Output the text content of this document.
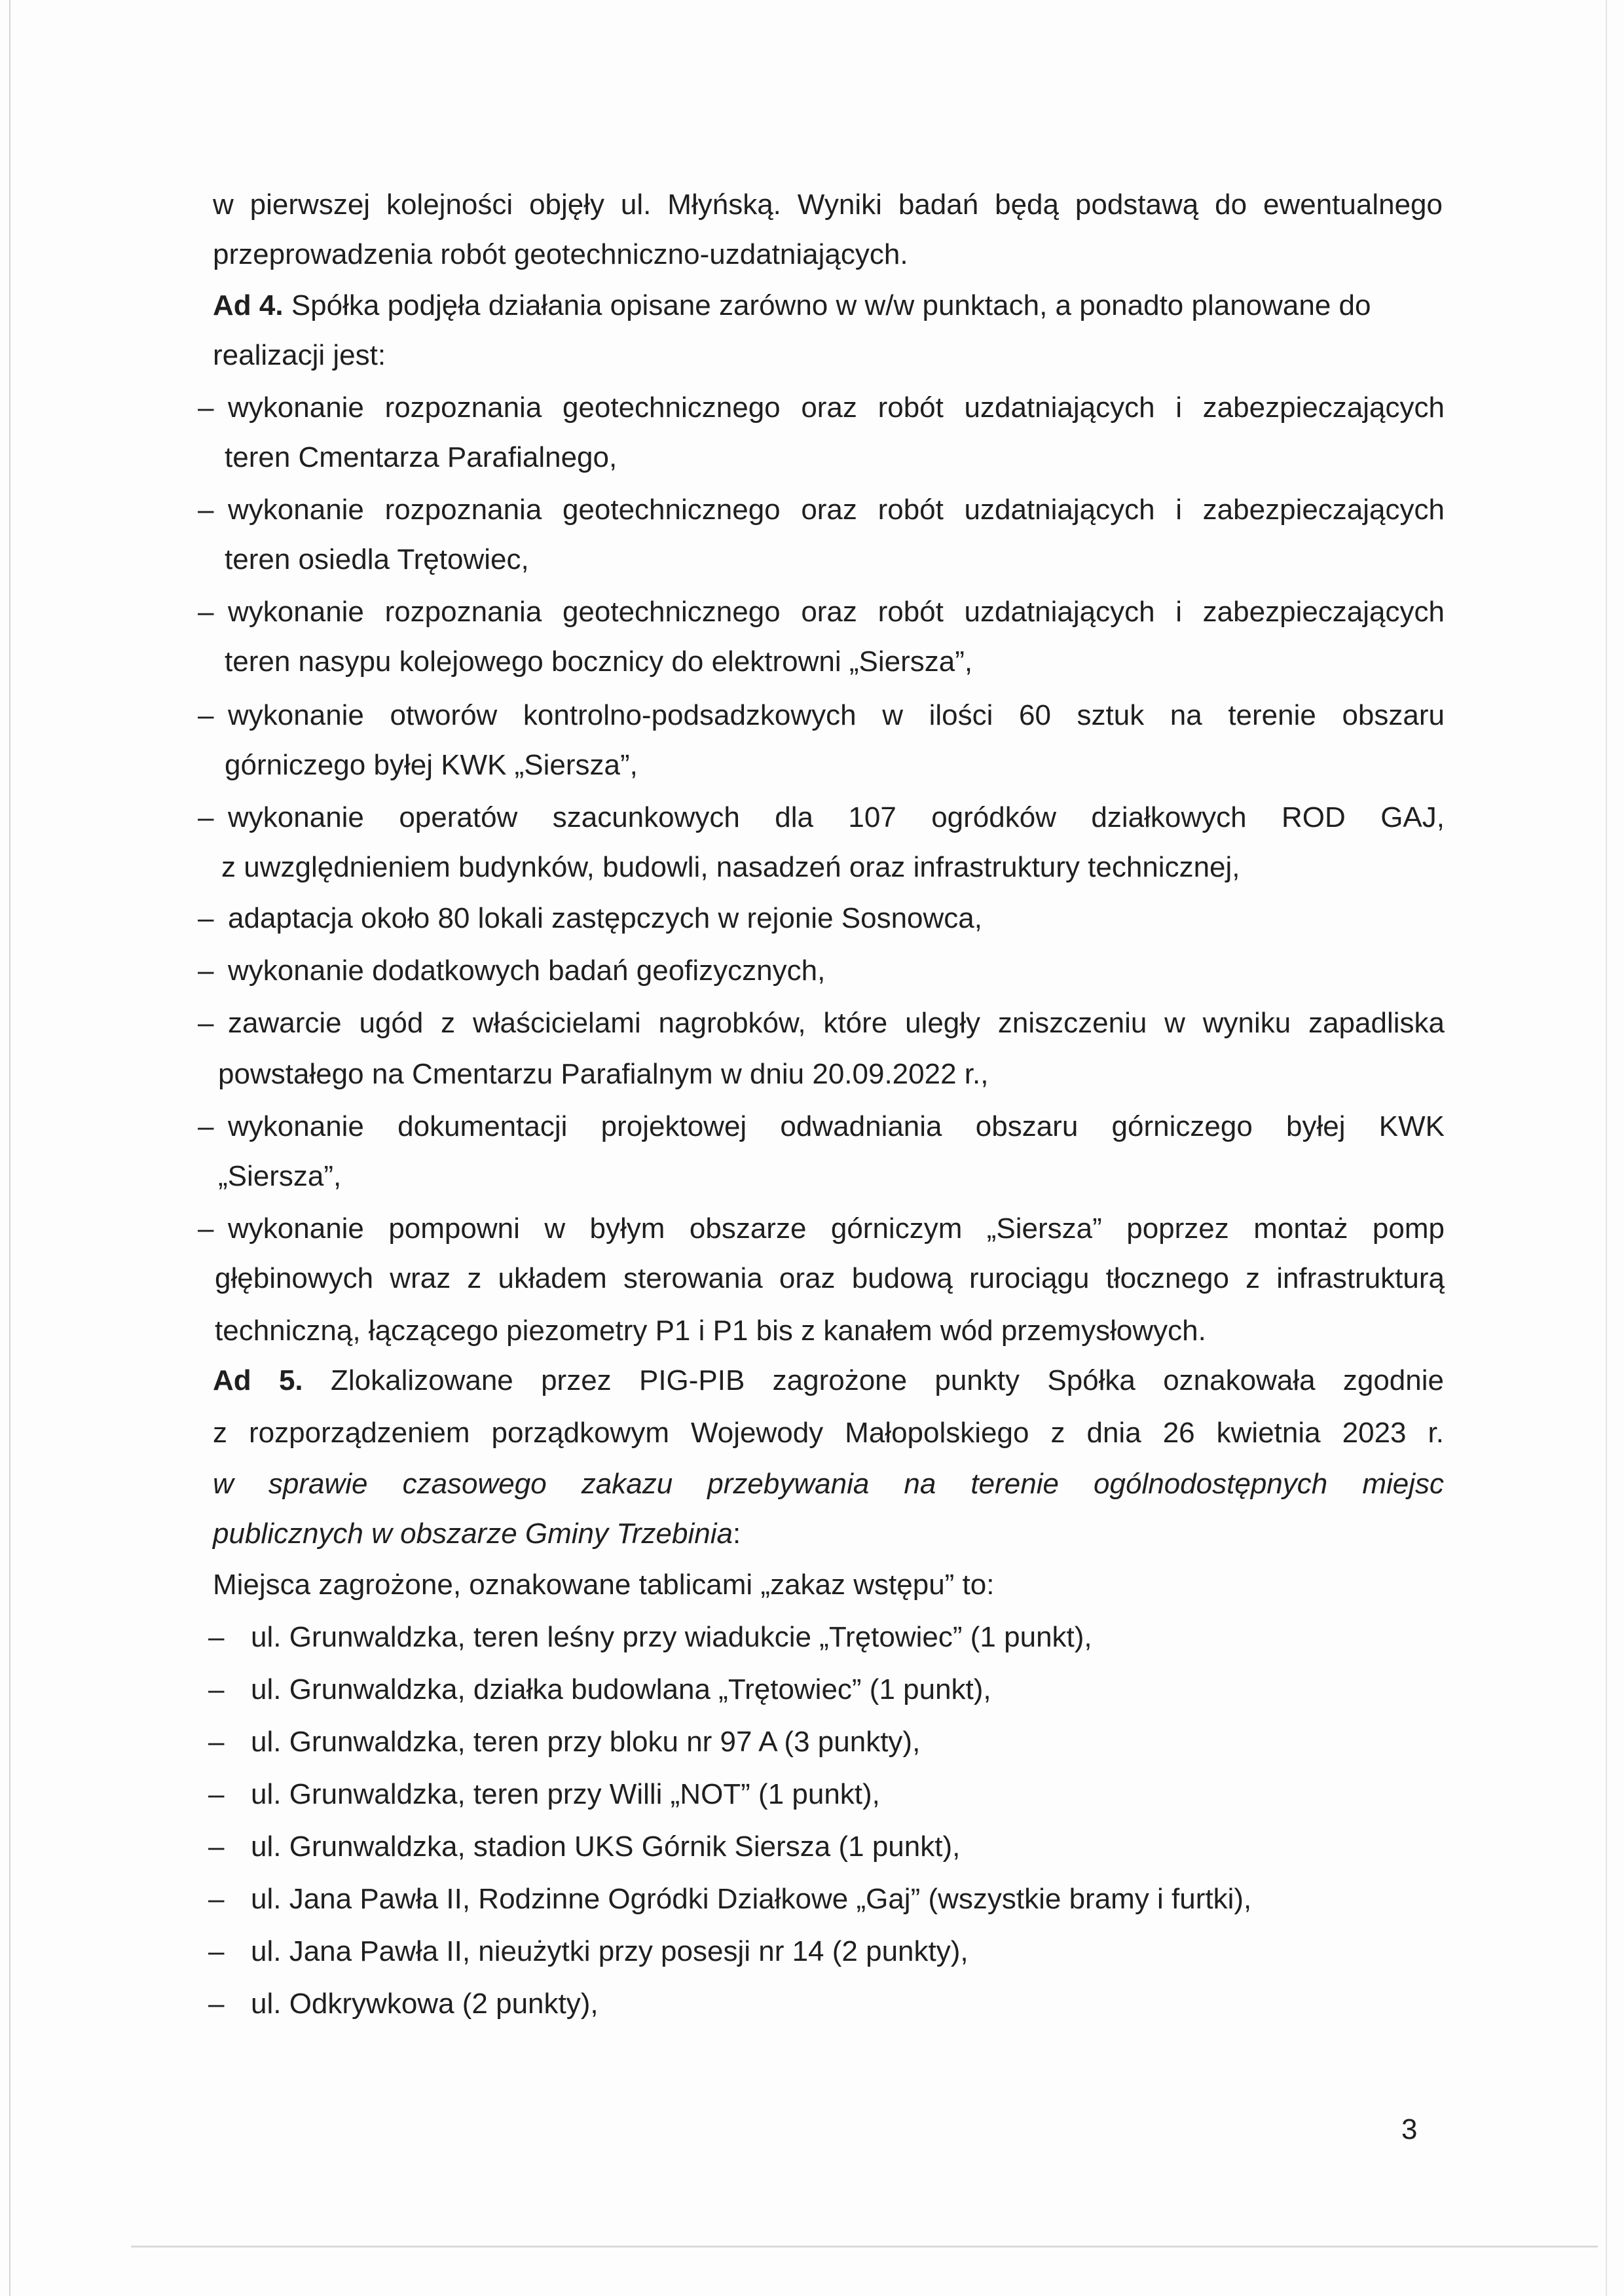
w pierwszej kolejności objęły ul. Młyńską. Wyniki badań będą podstawą do ewentualnego
przeprowadzenia robót geotechniczno-uzdatniających.
Ad 4. Spółka podjęła działania opisane zarówno w w/w punktach, a ponadto planowane do
realizacji jest:
– wykonanie rozpoznania geotechnicznego oraz robót uzdatniających i zabezpieczających
teren Cmentarza Parafialnego,
– wykonanie rozpoznania geotechnicznego oraz robót uzdatniających i zabezpieczających
teren osiedla Trętowiec,
– wykonanie rozpoznania geotechnicznego oraz robót uzdatniających i zabezpieczających
teren nasypu kolejowego bocznicy do elektrowni „Siersza”,
– wykonanie otworów kontrolno-podsadzkowych w ilości 60 sztuk na terenie obszaru
górniczego byłej KWK „Siersza”,
– wykonanie operatów szacunkowych dla 107 ogródków działkowych ROD GAJ,
z uwzględnieniem budynków, budowli, nasadzeń oraz infrastruktury technicznej,
– adaptacja około 80 lokali zastępczych w rejonie Sosnowca,
– wykonanie dodatkowych badań geofizycznych,
– zawarcie ugód z właścicielami nagrobków, które uległy zniszczeniu w wyniku zapadliska
powstałego na Cmentarzu Parafialnym w dniu 20.09.2022 r.,
– wykonanie dokumentacji projektowej odwadniania obszaru górniczego byłej KWK
„Siersza”,
– wykonanie pompowni w byłym obszarze górniczym „Siersza” poprzez montaż pomp
głębinowych wraz z układem sterowania oraz budową rurociągu tłocznego z infrastrukturą
techniczną, łączącego piezometry P1 i P1 bis z kanałem wód przemysłowych.
Ad 5. Zlokalizowane przez PIG-PIB zagrożone punkty Spółka oznakowała zgodnie
z rozporządzeniem porządkowym Wojewody Małopolskiego z dnia 26 kwietnia 2023 r.
w sprawie czasowego zakazu przebywania na terenie ogólnodostępnych miejsc
publicznych w obszarze Gminy Trzebinia:
Miejsca zagrożone, oznakowane tablicami „zakaz wstępu” to:
– ul. Grunwaldzka, teren leśny przy wiadukcie „Trętowiec” (1 punkt),
– ul. Grunwaldzka, działka budowlana „Trętowiec” (1 punkt),
– ul. Grunwaldzka, teren przy bloku nr 97 A (3 punkty),
– ul. Grunwaldzka, teren przy Willi „NOT” (1 punkt),
– ul. Grunwaldzka, stadion UKS Górnik Siersza (1 punkt),
– ul. Jana Pawła II, Rodzinne Ogródki Działkowe „Gaj” (wszystkie bramy i furtki),
– ul. Jana Pawła II, nieużytki przy posesji nr 14 (2 punkty),
– ul. Odkrywkowa (2 punkty),
3
